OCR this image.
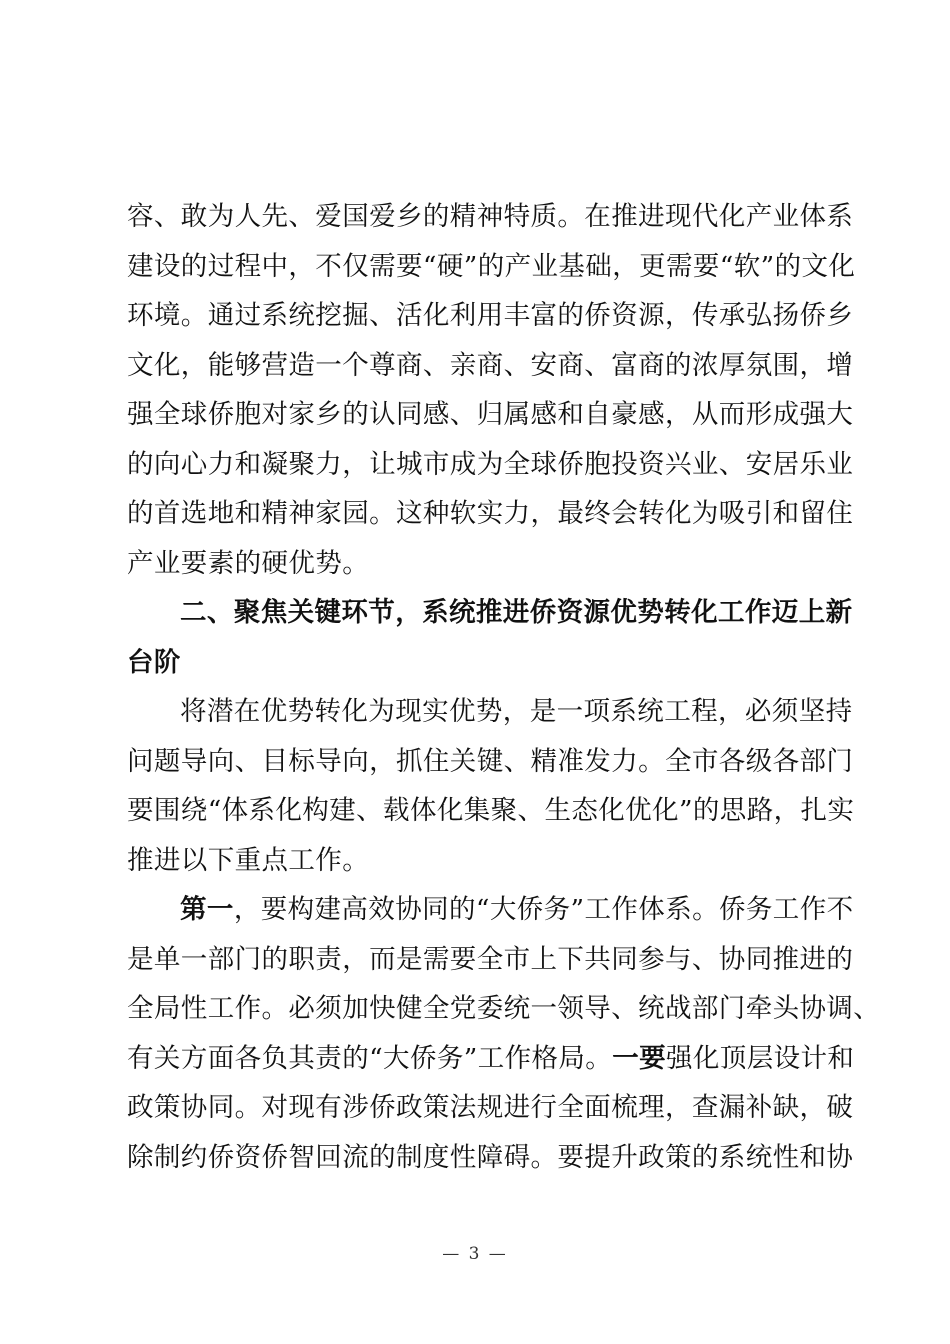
容、敢为人先、爱国爱乡的精神特质。在推进现代化产业体系
建设的过程中，不仅需要“硬”的产业基础，更需要“软”的文化
环境。通过系统挖掘、活化利用丰富的侨资源，传承弘扬侨乡
文化，能够营造一个尊商、亲商、安商、富商的浓厚氛围，增
强全球侨胞对家乡的认同感、归属感和自豪感，从而形成强大
的向心力和凝聚力，让城市成为全球侨胞投资兴业、安居乐业
的首选地和精神家园。这种软实力，最终会转化为吸引和留住
产业要素的硬优势。
二、聚焦关键环节，系统推进侨资源优势转化工作迈上新
台阶
将潜在优势转化为现实优势，是一项系统工程，必须坚持
问题导向、目标导向，抓住关键、精准发力。全市各级各部门
要围绕“体系化构建、载体化集聚、生态化优化”的思路，扎实
推进以下重点工作。
第一，要构建高效协同的“大侨务”工作体系。侨务工作不
是单一部门的职责，而是需要全市上下共同参与、协同推进的
全局性工作。必须加快健全党委统一领导、统战部门牵头协调、
有关方面各负其责的“大侨务”工作格局。一要强化顶层设计和
政策协同。对现有涉侨政策法规进行全面梳理，查漏补缺，破
除制约侨资侨智回流的制度性障碍。要提升政策的系统性和协
— 3 —
